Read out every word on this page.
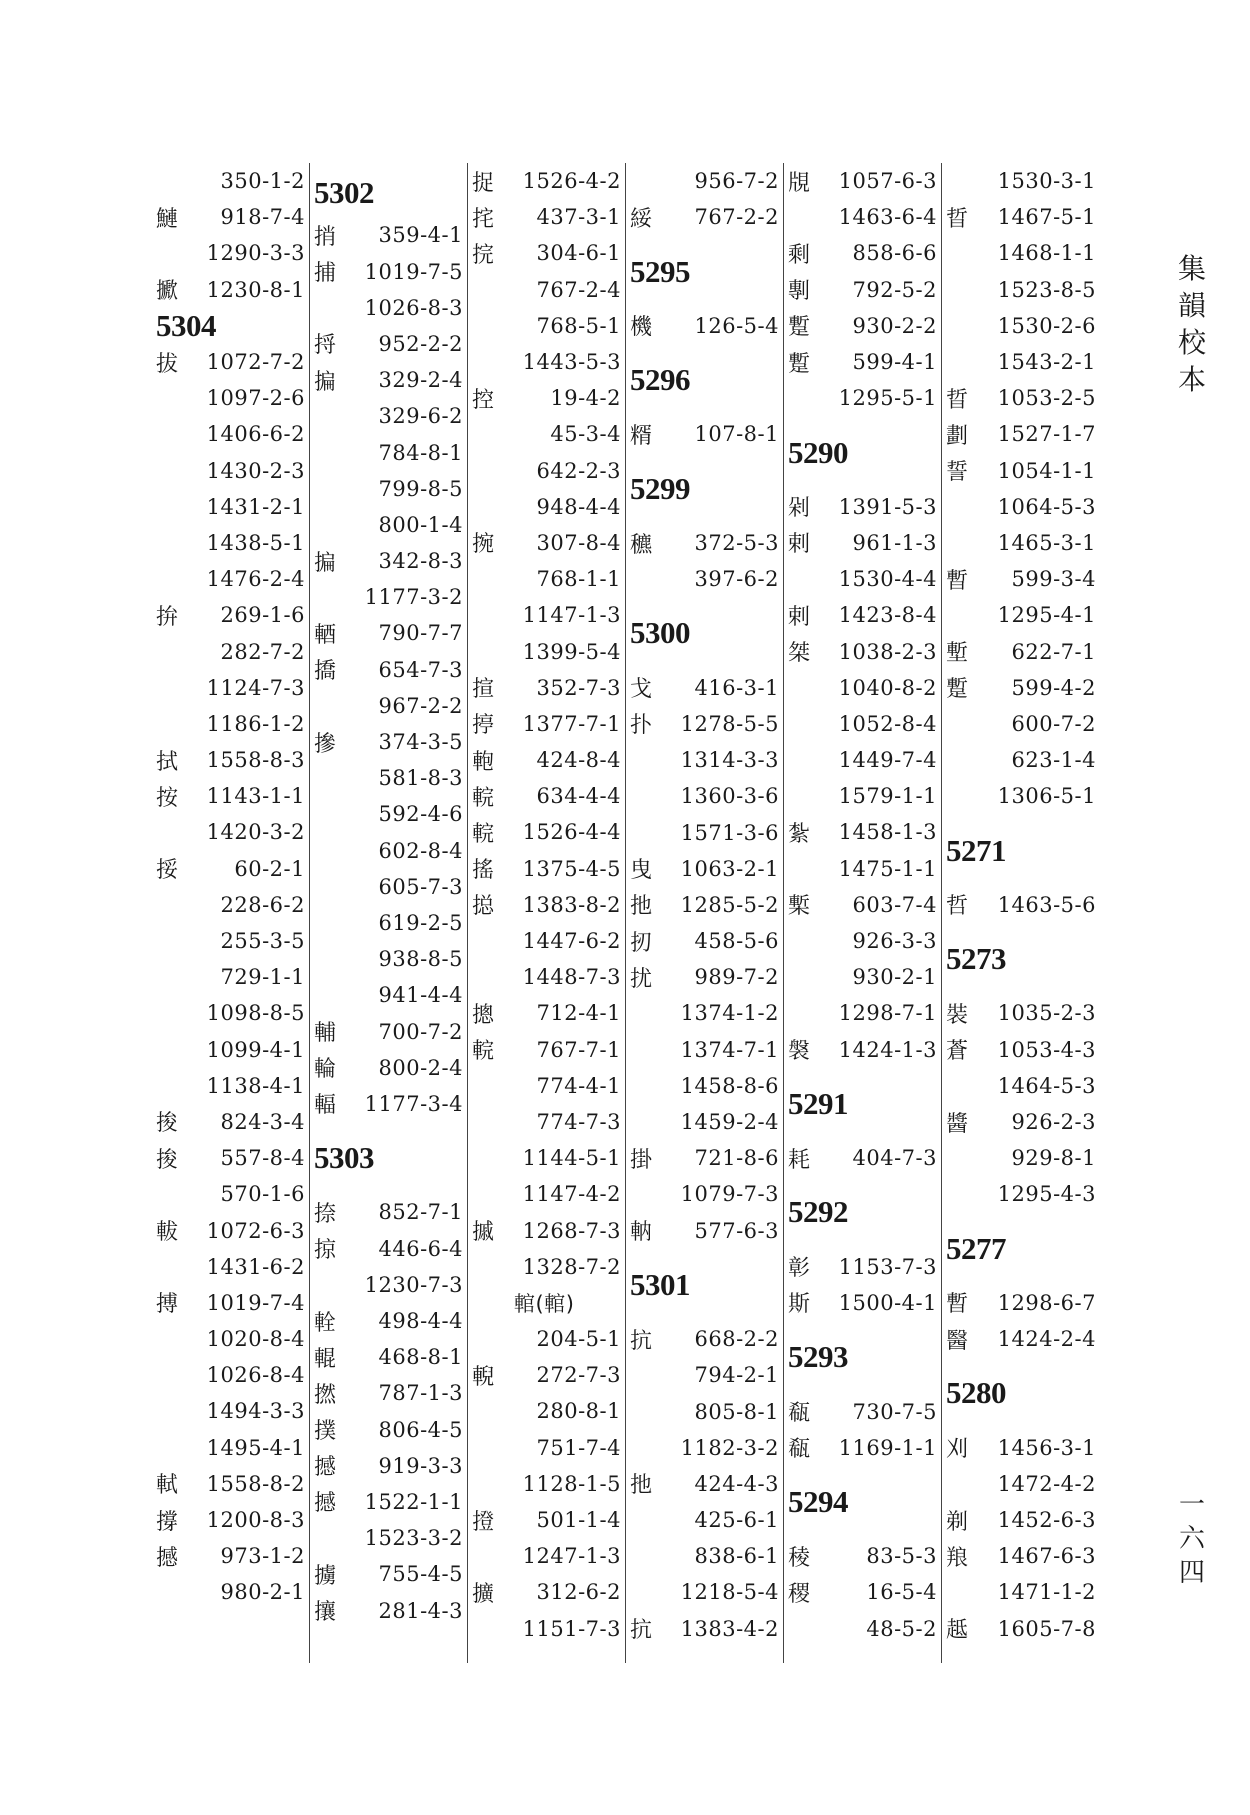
350-1-2
鰱	918-7-4
1290-3-3
擨	1230-8-1
5304
拔	1072-7-2
1097-2-6
1406-6-2
1430-2-3
1431-2-1
1438-5-1
1476-2-4
拚	269-1-6
282-7-2
1124-7-3
1186-1-2
拭	1558-8-3
按	1143-1-1
1420-3-2
挼	60-2-1
228-6-2
255-3-5
729-1-1
1098-8-5
1099-4-1
1138-4-1
捘	824-3-4
捘	557-8-4
570-1-6
軷	1072-6-3
1431-6-2
搏	1019-7-4
1020-8-4
1026-8-4
1494-3-3
1495-4-1
軾	1558-8-2
撐	1200-8-3
撼	973-1-2
980-2-1
5302
捎	359-4-1
捕	1019-7-5
1026-8-3
捋	952-2-2
揙	329-2-4
329-6-2
784-8-1
799-8-5
800-1-4
揙	342-8-3
1177-3-2
輏	790-7-7
撟	654-7-3
967-2-2
摻	374-3-5
581-8-3
592-4-6
602-8-4
605-7-3
619-2-5
938-8-5
941-4-4
輔	700-7-2
輪	800-2-4
輻	1177-3-4
5303
捺	852-7-1
掠	446-6-4
1230-7-3
輇	498-4-4
輥	468-8-1
撚	787-1-3
撲	806-4-5
撼	919-3-3
撼	1522-1-1
1523-3-2
擄	755-4-5
攘	281-4-3
捉	1526-4-2
挓	437-3-1
捖	304-6-1
767-2-4
768-5-1
1443-5-3
控	19-4-2
45-3-4
642-2-3
948-4-4
捥	307-8-4
768-1-1
1147-1-3
1399-5-4
揎	352-7-3
揨	1377-7-1
軳	424-8-4
輐	634-4-4
輐	1526-4-4
搖	1375-4-5
搃	1383-8-2
1447-6-2
1448-7-3
摠	712-4-1
輐	767-7-1
774-4-1
774-7-3
1144-5-1
1147-4-2
摵	1268-7-3
1328-7-2
輨(輨)
204-5-1
輗	272-7-3
280-8-1
751-7-4
1128-1-5
撜	501-1-4
1247-1-3
擴	312-6-2
1151-7-3
956-7-2
綏	767-2-2
5295
機	126-5-4
5296
糈	107-8-1
5299
穮	372-5-3
397-6-2
5300
戈	416-3-1
扑	1278-5-5
1314-3-3
1360-3-6
1571-3-6
曳	1063-2-1
扡	1285-5-2
扨	458-5-6
扰	989-7-2
1374-1-2
1374-7-1
1458-8-6
1459-2-4
掛	721-8-6
1079-7-3
軜	577-6-3
5301
抗	668-2-2
794-2-1
805-8-1
1182-3-2
扡	424-4-3
425-6-1
838-6-1
1218-5-4
抗	1383-4-2
覑	1057-6-3
1463-6-4
剩	858-6-6
剸	792-5-2
蹔	930-2-2
蹔	599-4-1
1295-5-1
5290
剁	1391-5-3
剌	961-1-3
1530-4-4
剌	1423-8-4
桀	1038-2-3
1040-8-2
1052-8-4
1449-7-4
1579-1-1
紮	1458-1-3
1475-1-1
槧	603-7-4
926-3-3
930-2-1
1298-7-1
褩	1424-1-3
5291
耗	404-7-3
5292
彰	1153-7-3
斯	1500-4-1
5293
瓻	730-7-5
瓻	1169-1-1
5294
稜	83-5-3
稷	16-5-4
48-5-2
1530-3-1
晢	1467-5-1
1468-1-1
1523-8-5
1530-2-6
1543-2-1
晢	1053-2-5
劃	1527-1-7
誓	1054-1-1
1064-5-3
1465-3-1
暫	599-3-4
1295-4-1
塹	622-7-1
蹔	599-4-2
600-7-2
623-1-4
1306-5-1
5271
哲	1463-5-6
5273
裝	1035-2-3
蒼	1053-4-3
1464-5-3
醬	926-2-3
929-8-1
1295-4-3
5277
暫	1298-6-7
醫	1424-2-4
5280
刈	1456-3-1
1472-4-2
剃	1452-6-3
羪	1467-6-3
1471-1-2
趆	1605-7-8
集
韻
校
本
一
六
四
